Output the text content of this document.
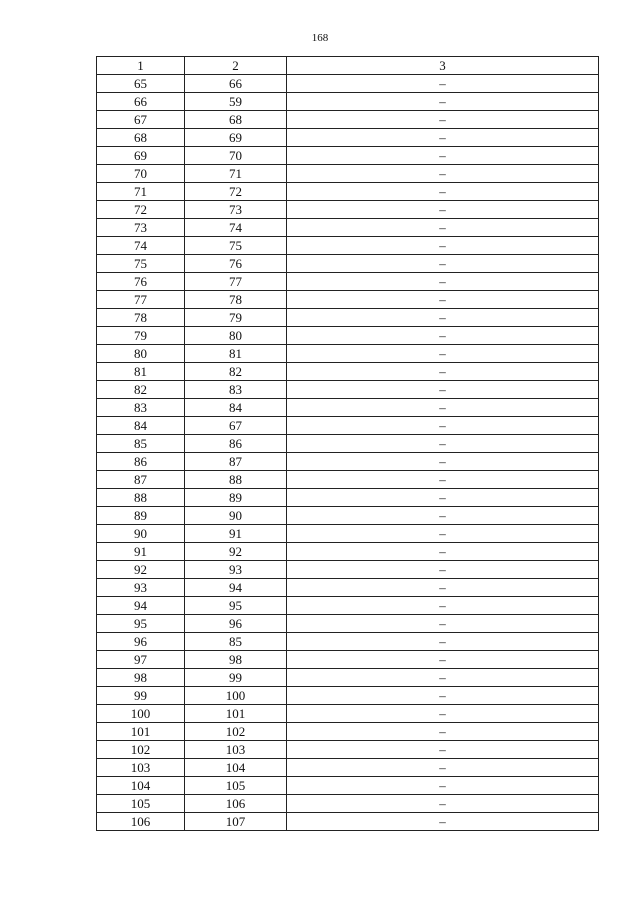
168
1	2	3
65	66	–
66	59	–
67	68	–
68	69	–
69	70	–
70	71	–
71	72	–
72	73	–
73	74	–
74	75	–
75	76	–
76	77	–
77	78	–
78	79	–
79	80	–
80	81	–
81	82	–
82	83	–
83	84	–
84	67	–
85	86	–
86	87	–
87	88	–
88	89	–
89	90	–
90	91	–
91	92	–
92	93	–
93	94	–
94	95	–
95	96	–
96	85	–
97	98	–
98	99	–
99	100	–
100	101	–
101	102	–
102	103	–
103	104	–
104	105	–
105	106	–
106	107	–
